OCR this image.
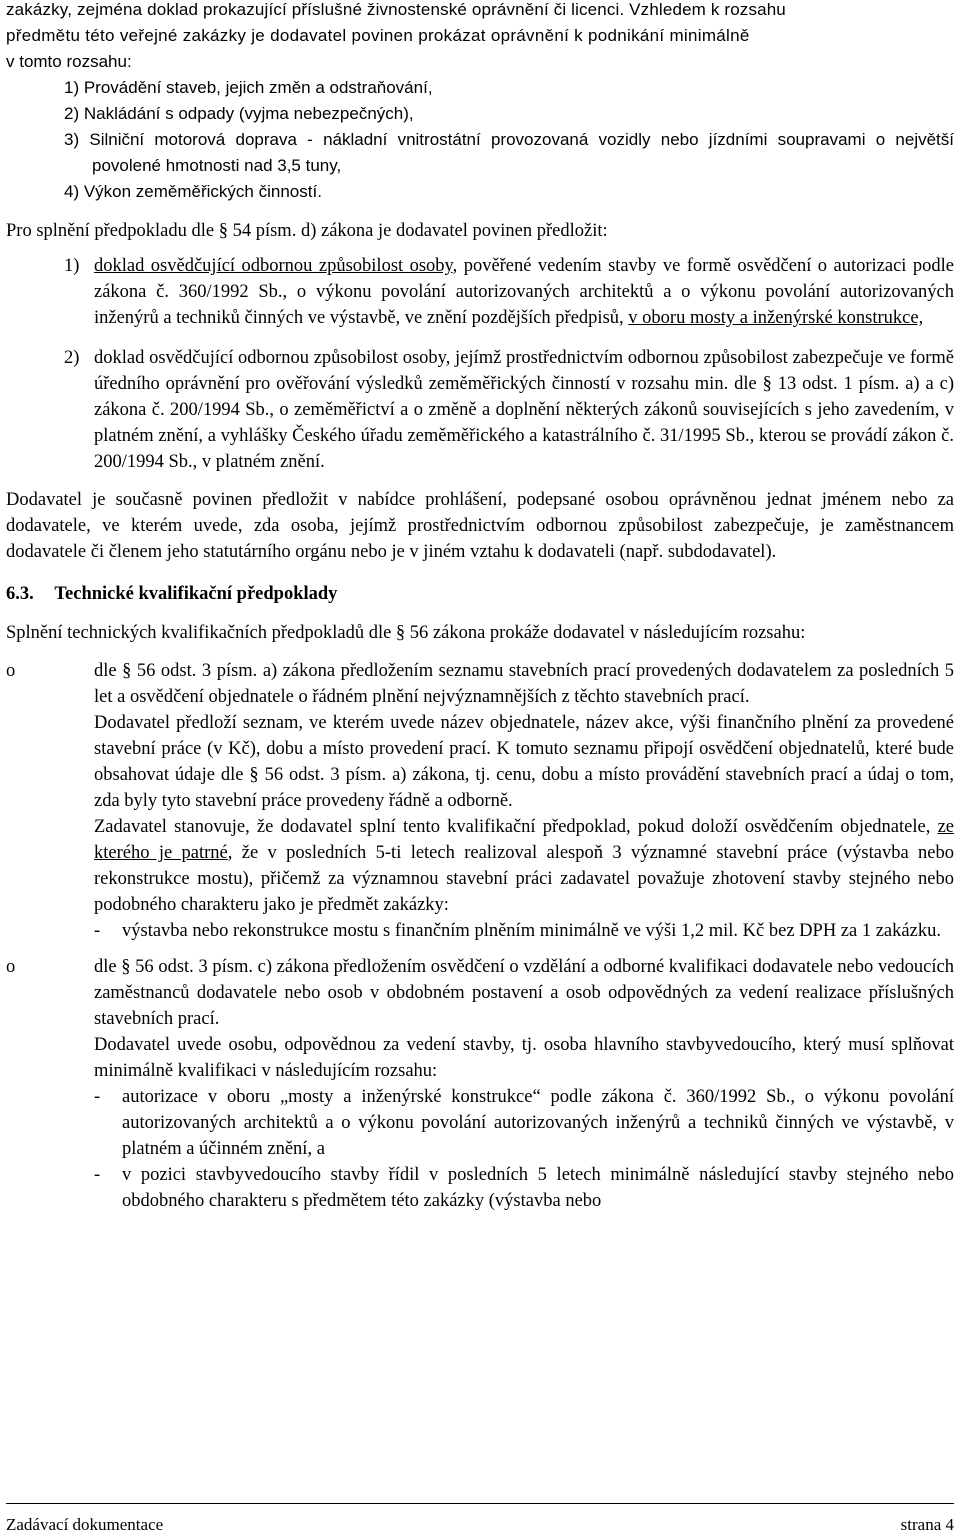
zakázky, zejména doklad prokazující příslušné živnostenské oprávnění či licenci. Vzhledem k rozsahu
předmětu této veřejné zakázky je dodavatel povinen prokázat oprávnění k podnikání minimálně
v tomto rozsahu:
1) Provádění staveb, jejich změn a odstraňování,
2) Nakládání s odpady (vyjma nebezpečných),
3) Silniční motorová doprava - nákladní vnitrostátní provozovaná vozidly nebo jízdními soupravami o největší povolené hmotnosti nad 3,5 tuny,
4) Výkon zeměměřických činností.
Pro splnění předpokladu dle § 54 písm. d) zákona je dodavatel povinen předložit:
1) doklad osvědčující odbornou způsobilost osoby, pověřené vedením stavby ve formě osvědčení o autorizaci podle zákona č. 360/1992 Sb., o výkonu povolání autorizovaných architektů a o výkonu povolání autorizovaných inženýrů a techniků činných ve výstavbě, ve znění pozdějších předpisů, v oboru mosty a inženýrské konstrukce,
2) doklad osvědčující odbornou způsobilost osoby, jejímž prostřednictvím odbornou způsobilost zabezpečuje ve formě úředního oprávnění pro ověřování výsledků zeměměřických činností v rozsahu min. dle § 13 odst. 1 písm. a) a c) zákona č. 200/1994 Sb., o zeměměřictví a o změně a doplnění některých zákonů souvisejících s jeho zavedením, v platném znění, a vyhlášky Českého úřadu zeměměřického a katastrálního č. 31/1995 Sb., kterou se provádí zákon č. 200/1994 Sb., v platném znění.
Dodavatel je současně povinen předložit v nabídce prohlášení, podepsané osobou oprávněnou jednat jménem nebo za dodavatele, ve kterém uvede, zda osoba, jejímž prostřednictvím odbornou způsobilost zabezpečuje, je zaměstnancem dodavatele či členem jeho statutárního orgánu nebo je v jiném vztahu k dodavateli (např. subdodavatel).
6.3. Technické kvalifikační předpoklady
Splnění technických kvalifikačních předpokladů dle § 56 zákona prokáže dodavatel v následujícím rozsahu:
o	dle § 56 odst. 3 písm. a) zákona předložením seznamu stavebních prací provedených dodavatelem za posledních 5 let a osvědčení objednatele o řádném plnění nejvýznamnějších z těchto stavebních prací.
Dodavatel předloží seznam, ve kterém uvede název objednatele, název akce, výši finančního plnění za provedené stavební práce (v Kč), dobu a místo provedení prací. K tomuto seznamu připojí osvědčení objednatelů, které bude obsahovat údaje dle § 56 odst. 3 písm. a) zákona, tj. cenu, dobu a místo provádění stavebních prací a údaj o tom, zda byly tyto stavební práce provedeny řádně a odborně.
Zadavatel stanovuje, že dodavatel splní tento kvalifikační předpoklad, pokud doloží osvědčením objednatele, ze kterého je patrné, že v posledních 5-ti letech realizoval alespoň 3 významné stavební práce (výstavba nebo rekonstrukce mostu), přičemž za významnou stavební práci zadavatel považuje zhotovení stavby stejného nebo podobného charakteru jako je předmět zakázky:
- výstavba nebo rekonstrukce mostu s finančním plněním minimálně ve výši 1,2 mil. Kč bez DPH za 1 zakázku.
o	dle § 56 odst. 3 písm. c) zákona předložením osvědčení o vzdělání a odborné kvalifikaci dodavatele nebo vedoucích zaměstnanců dodavatele nebo osob v obdobném postavení a osob odpovědných za vedení realizace příslušných stavebních prací.
Dodavatel uvede osobu, odpovědnou za vedení stavby, tj. osoba hlavního stavbyvedoucího, který musí splňovat minimálně kvalifikaci v následujícím rozsahu:
- autorizace v oboru „mosty a inženýrské konstrukce“ podle zákona č. 360/1992 Sb., o výkonu povolání autorizovaných architektů a o výkonu povolání autorizovaných inženýrů a techniků činných ve výstavbě, v platném a účinném znění, a
- v pozici stavbyvedoucího stavby řídil v posledních 5 letech minimálně následující stavby stejného nebo obdobného charakteru s předmětem této zakázky (výstavba nebo
Zadávací dokumentace	strana 4
